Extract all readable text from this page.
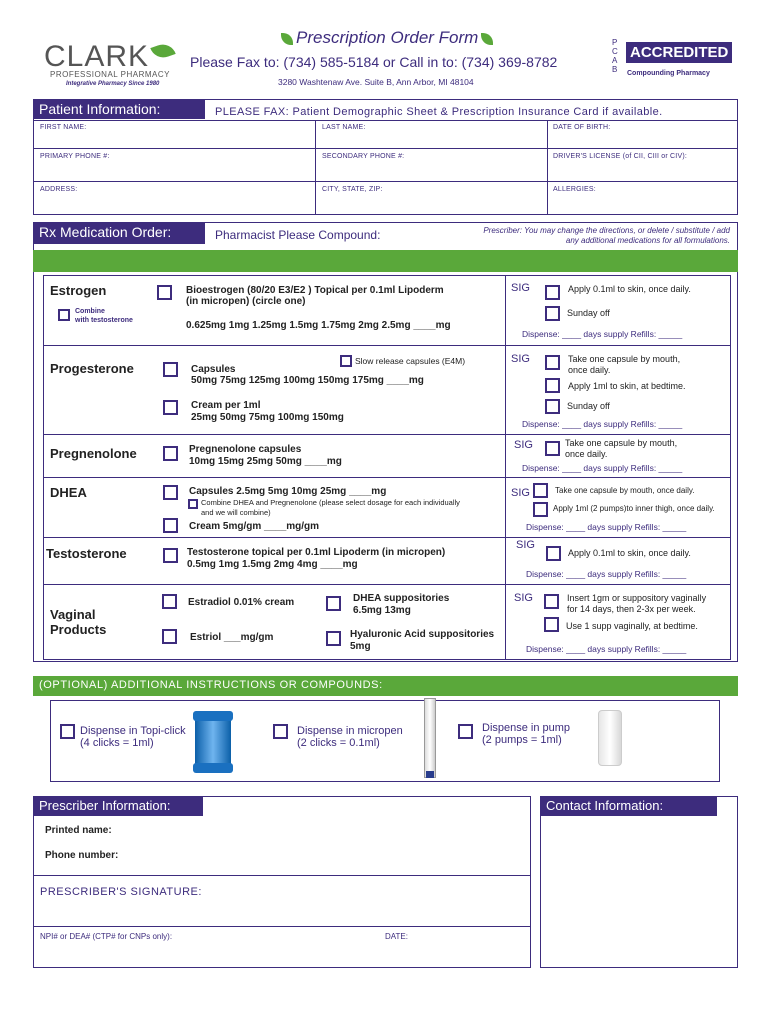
CLARK
PROFESSIONAL PHARMACY
Integrative Pharmacy Since 1980
Prescription Order Form
Please Fax to: (734) 585-5184 or Call in to: (734) 369-8782
3280 Washtenaw Ave. Suite B, Ann Arbor, MI 48104
P C A B
ACCREDITED
Compounding Pharmacy
Patient Information:	PLEASE FAX: Patient Demographic Sheet & Prescription Insurance Card if available.
FIRST NAME:	LAST NAME:	DATE OF BIRTH:
PRIMARY PHONE #:	SECONDARY PHONE #:	DRIVER'S LICENSE (of CII, CIII or CIV):
ADDRESS:	CITY, STATE, ZIP:	ALLERGIES:
Rx Medication Order:	Pharmacist Please Compound:	Prescriber: You may change the directions, or delete / substitute / add
any additional medications for all formulations.
Estrogen
Combine
with testosterone
Bioestrogen (80/20 E3/E2 ) Topical per 0.1ml Lipoderm
(in micropen) (circle one)
0.625mg 1mg 1.25mg 1.5mg 1.75mg 2mg 2.5mg ____mg
SIG	Apply 0.1ml to skin, once daily.
Sunday off
Dispense: ____ days supply Refills: _____
Progesterone	Slow release capsules (E4M)
Capsules
50mg 75mg 125mg 100mg 150mg 175mg ____mg
Cream per 1ml
25mg 50mg 75mg 100mg 150mg
SIG	Take one capsule by mouth,
once daily.
Apply 1ml to skin, at bedtime.
Sunday off
Dispense: ____ days supply Refills: _____
Pregnenolone	Pregnenolone capsules
10mg 15mg 25mg 50mg ____mg
SIG	Take one capsule by mouth,
once daily.
Dispense: ____ days supply Refills: _____
DHEA	Capsules 2.5mg 5mg 10mg 25mg ____mg
Combine DHEA and Pregnenolone (please select dosage for each individually
and we will combine)
Cream 5mg/gm ____mg/gm
SIG	Take one capsule by mouth, once daily.
Apply 1ml (2 pumps)to inner thigh, once daily.
Dispense: ____ days supply Refills: _____
Testosterone	Testosterone topical per 0.1ml Lipoderm (in micropen)
0.5mg 1mg 1.5mg 2mg 4mg ____mg
SIG
Apply 0.1ml to skin, once daily.
Dispense: ____ days supply Refills: _____
Vaginal
Products
Estradiol 0.01% cream
Estriol ___mg/gm
DHEA suppositories
6.5mg 13mg
Hyaluronic Acid suppositories
5mg
SIG	Insert 1gm or suppository vaginally
for 14 days, then 2-3x per week.
Use 1 supp vaginally, at bedtime.
Dispense: ____ days supply Refills: _____
(OPTIONAL) ADDITIONAL INSTRUCTIONS OR COMPOUNDS:
Dispense in Topi-click
(4 clicks = 1ml)
Dispense in micropen
(2 clicks = 0.1ml)
Dispense in pump
(2 pumps = 1ml)
Prescriber Information:
Printed name:
Phone number:
PRESCRIBER'S SIGNATURE:
NPI# or DEA# (CTP# for CNPs only):	DATE:
Contact Information:
